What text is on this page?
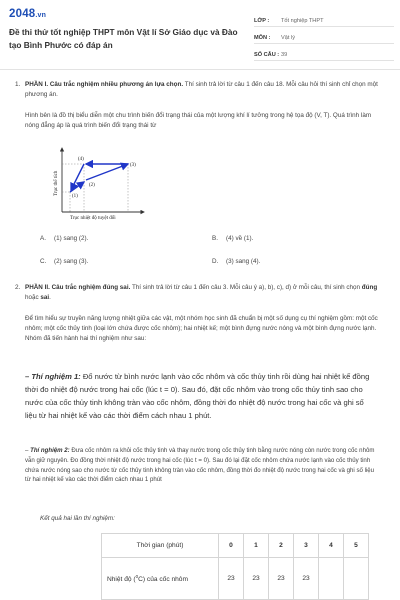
2048.vn
Đề thi thử tốt nghiệp THPT môn Vật lí Sở Giáo dục và Đào tạo Bình Phước có đáp án
LỚP :	Tốt nghiệp THPT
MÔN :	Vật lý
SỐ CÂU : 39
1. PHẦN I. Câu trắc nghiệm nhiều phương án lựa chọn. Thí sinh trả lời từ câu 1 đến câu 18. Mỗi câu hỏi thí sinh chỉ chọn một phương án.
Hình bên là đồ thị biểu diễn một chu trình biến đổi trạng thái của một lượng khí lí tưởng trong hệ tọa độ (V, T). Quá trình làm nóng đẳng áp là quá trình biến đổi trạng thái từ
(1)
(2)
(3)
(4)
Trục thể tích
Trục nhiệt độ tuyệt đối
A. (1) sang (2).	B. (4) về (1).
C. (2) sang (3).	D. (3) sang (4).
2. PHẦN II. Câu trắc nghiệm đúng sai. Thí sinh trả lời từ câu 1 đến câu 3. Mỗi câu ý a), b), c), d) ở mỗi câu, thí sinh chọn đúng hoặc sai.
Để tìm hiểu sự truyền năng lượng nhiệt giữa các vật, một nhóm học sinh đã chuẩn bị một số dụng cụ thí nghiệm gồm: một cốc nhôm; một cốc thủy tinh (loại lớn chứa được cốc nhôm); hai nhiệt kế; một bình đựng nước nóng và một bình đựng nước lạnh. Nhóm đã tiến hành hai thí nghiệm như sau:
– Thí nghiệm 1: Đổ nước từ bình nước lạnh vào cốc nhôm và cốc thủy tinh rồi dùng hai nhiệt kế đồng thời đo nhiệt độ nước trong hai cốc (lúc t = 0). Sau đó, đặt cốc nhôm vào trong cốc thủy tinh sao cho nước của cốc thủy tinh không tràn vào cốc nhôm, đồng thời đo nhiệt độ nước trong hai cốc và ghi số liệu từ hai nhiệt kế vào các thời điểm cách nhau 1 phút.
– Thí nghiệm 2: Đưa cốc nhôm ra khỏi cốc thủy tinh và thay nước trong cốc thủy tinh bằng nước nóng còn nước trong cốc nhôm vẫn giữ nguyên. Đo đồng thời nhiệt độ nước trong hai cốc (lúc t = 0). Sau đó lại đặt cốc nhôm chứa nước lạnh vào cốc thủy tinh chứa nước nóng sao cho nước từ cốc thủy tinh không tràn vào cốc nhôm, đồng thời đo nhiệt độ nước trong hai cốc và ghi số liệu từ hai nhiệt kế vào các thời điểm cách nhau 1 phút
Kết quả hai lần thí nghiệm:
Thời gian (phút)	0	1	2	3	4	5
Nhiệt độ ($^0$C) của cốc nhôm	23	23	23	23		
